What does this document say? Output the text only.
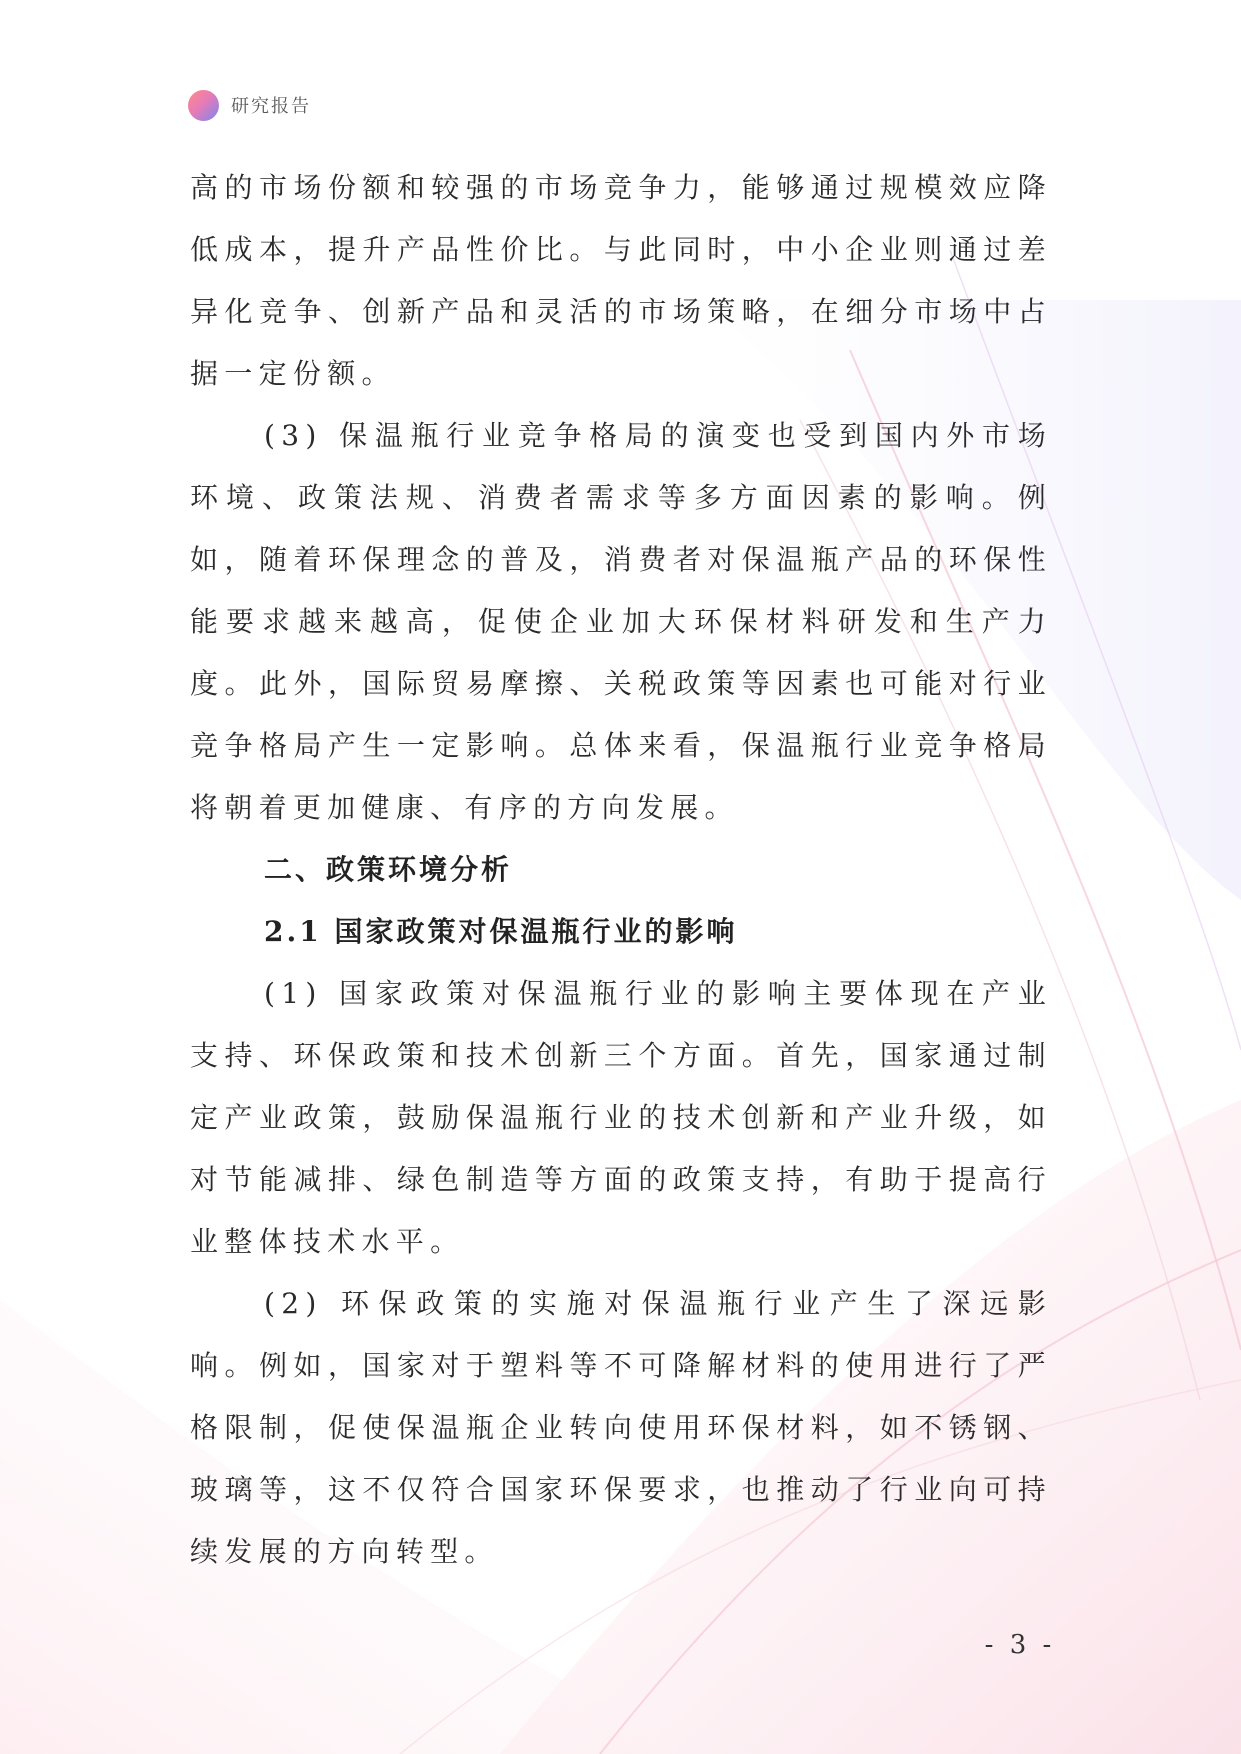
研究报告

高的市场份额和较强的市场竞争力，能够通过规模效应降低成本，提升产品性价比。与此同时，中小企业则通过差异化竞争、创新产品和灵活的市场策略，在细分市场中占据一定份额。

(3) 保温瓶行业竞争格局的演变也受到国内外市场环境、政策法规、消费者需求等多方面因素的影响。例如，随着环保理念的普及，消费者对保温瓶产品的环保性能要求越来越高，促使企业加大环保材料研发和生产力度。此外，国际贸易摩擦、关税政策等因素也可能对行业竞争格局产生一定影响。总体来看，保温瓶行业竞争格局将朝着更加健康、有序的方向发展。

二、政策环境分析
2.1 国家政策对保温瓶行业的影响

(1) 国家政策对保温瓶行业的影响主要体现在产业支持、环保政策和技术创新三个方面。首先，国家通过制定产业政策，鼓励保温瓶行业的技术创新和产业升级，如对节能减排、绿色制造等方面的政策支持，有助于提高行业整体技术水平。

(2) 环保政策的实施对保温瓶行业产生了深远影响。例如，国家对于塑料等不可降解材料的使用进行了严格限制，促使保温瓶企业转向使用环保材料，如不锈钢、玻璃等，这不仅符合国家环保要求，也推动了行业向可持续发展的方向转型。

- 3 -
